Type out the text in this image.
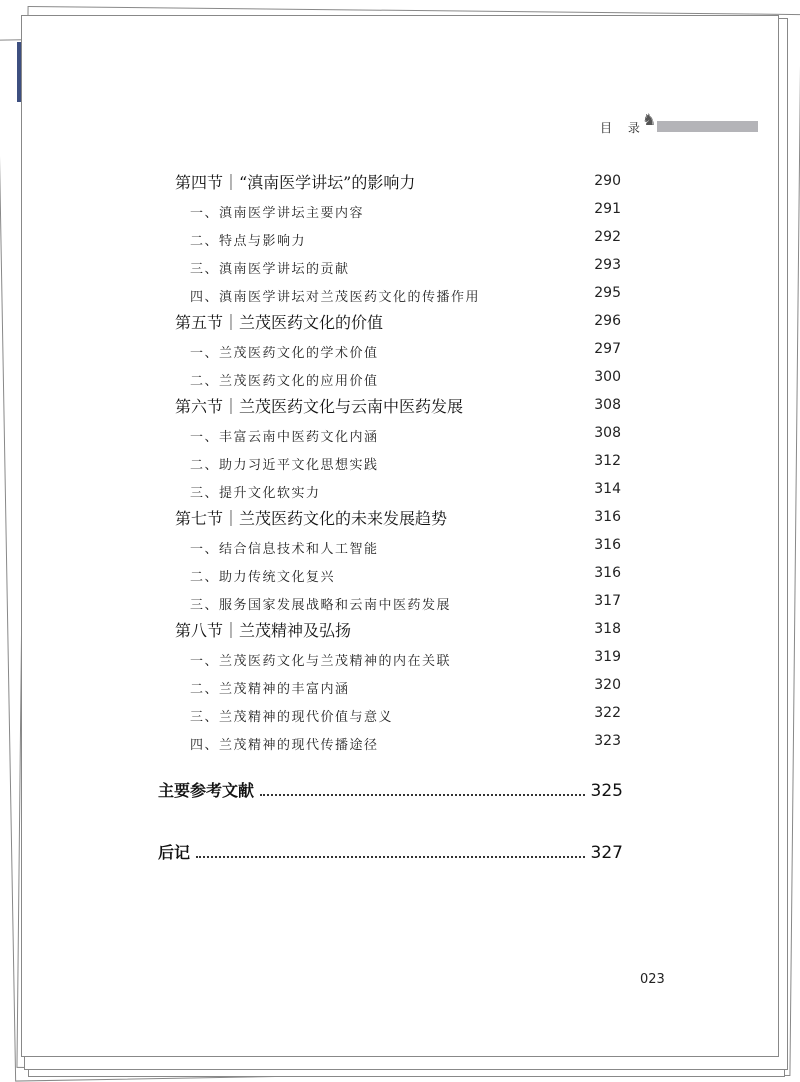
目 录
♞
第四节｜“滇南医学讲坛”的影响力	290
一、滇南医学讲坛主要内容	291
二、特点与影响力	292
三、滇南医学讲坛的贡献	293
四、滇南医学讲坛对兰茂医药文化的传播作用	295
第五节｜兰茂医药文化的价值	296
一、兰茂医药文化的学术价值	297
二、兰茂医药文化的应用价值	300
第六节｜兰茂医药文化与云南中医药发展	308
一、丰富云南中医药文化内涵	308
二、助力习近平文化思想实践	312
三、提升文化软实力	314
第七节｜兰茂医药文化的未来发展趋势	316
一、结合信息技术和人工智能	316
二、助力传统文化复兴	316
三、服务国家发展战略和云南中医药发展	317
第八节｜兰茂精神及弘扬	318
一、兰茂医药文化与兰茂精神的内在关联	319
二、兰茂精神的丰富内涵	320
三、兰茂精神的现代价值与意义	322
四、兰茂精神的现代传播途径	323
主要参考文献	325
后记	327
023
